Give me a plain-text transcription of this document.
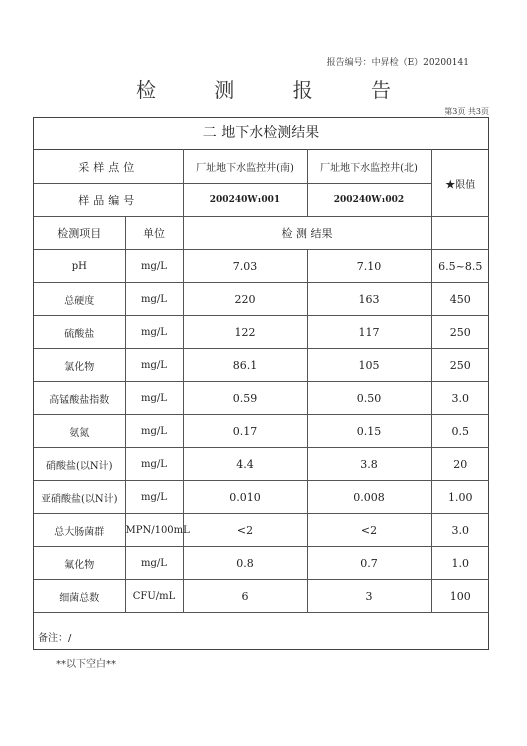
报告编号：中昇检（E）20200141
检 测 报 告
第3页 共3页
二 地下水检测结果
采样点位		厂址地下水监控井(南)	厂址地下水监控井(北)	★限值
样品编号		200240W₁001	200240W₁002	
检测项目	单位	检 测 结果		
pH	mg/L	7.03	7.10	6.5~8.5
总硬度	mg/L	220	163	450
硫酸盐	mg/L	122	117	250
氯化物	mg/L	86.1	105	250
高锰酸盐指数	mg/L	0.59	0.50	3.0
氨氮	mg/L	0.17	0.15	0.5
硝酸盐(以N计)	mg/L	4.4	3.8	20
亚硝酸盐(以N计)	mg/L	0.010	0.008	1.00
总大肠菌群	MPN/100mL	<2	<2	3.0
氟化物	mg/L	0.8	0.7	1.0
细菌总数	CFU/mL	6	3	100
备注：/
**以下空白**
